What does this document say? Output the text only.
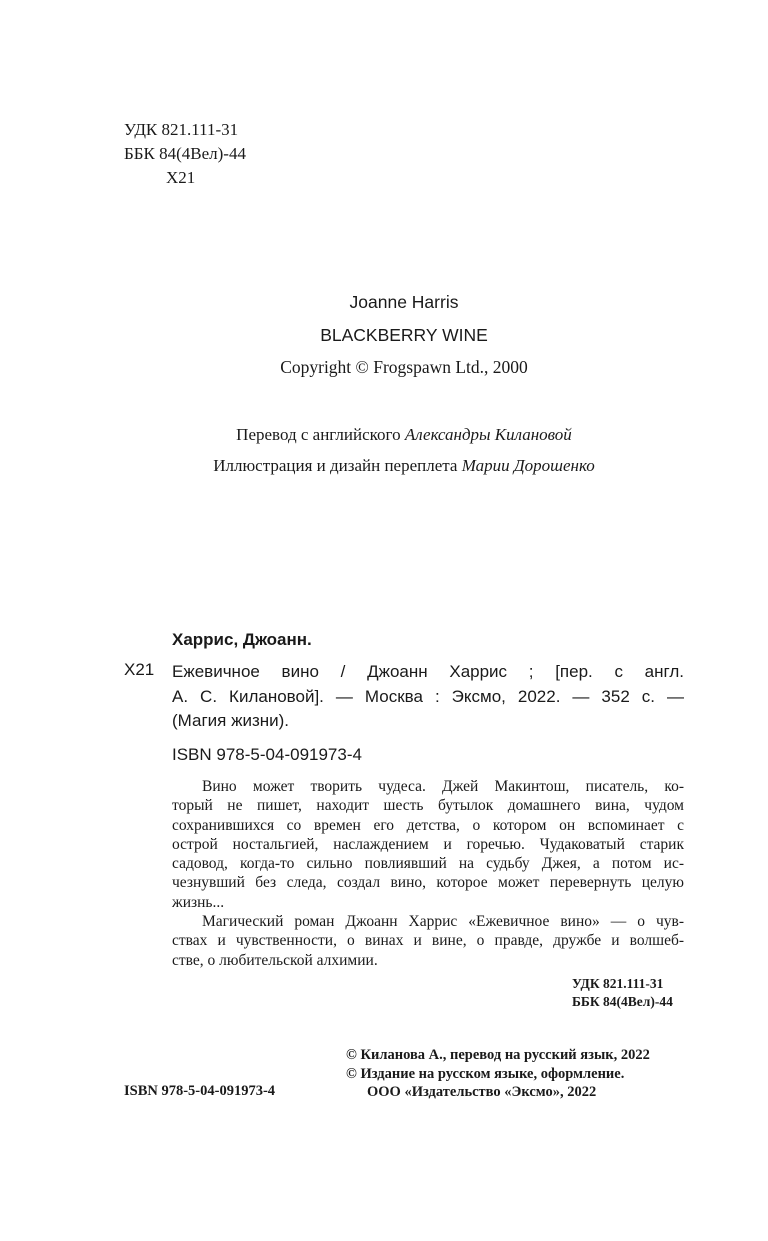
УДК 821.111-31
ББК 84(4Вел)-44
Х21
Joanne Harris
BLACKBERRY WINE
Copyright © Frogspawn Ltd., 2000
Перевод с английского Александры Килановой
Иллюстрация и дизайн переплета Марии Дорошенко
Харрис, Джоанн.
Х21 Ежевичное вино / Джоанн Харрис ; [пер. с англ.
А. С. Килановой]. — Москва : Эксмо, 2022. — 352 с. —
(Магия жизни).
ISBN 978-5-04-091973-4
Вино может творить чудеса. Джей Макинтош, писатель, ко-
торый не пишет, находит шесть бутылок домашнего вина, чудом
сохранившихся со времен его детства, о котором он вспоминает с
острой ностальгией, наслаждением и горечью. Чудаковатый старик
садовод, когда-то сильно повлиявший на судьбу Джея, а потом ис-
чезнувший без следа, создал вино, которое может перевернуть целую
жизнь...
Магический роман Джоанн Харрис «Ежевичное вино» — о чув-
ствах и чувственности, о винах и вине, о правде, дружбе и волшеб-
стве, о любительской алхимии.
УДК 821.111-31
ББК 84(4Вел)-44
© Киланова А., перевод на русский язык, 2022
© Издание на русском языке, оформление.
ООО «Издательство «Эксмо», 2022
ISBN 978-5-04-091973-4
